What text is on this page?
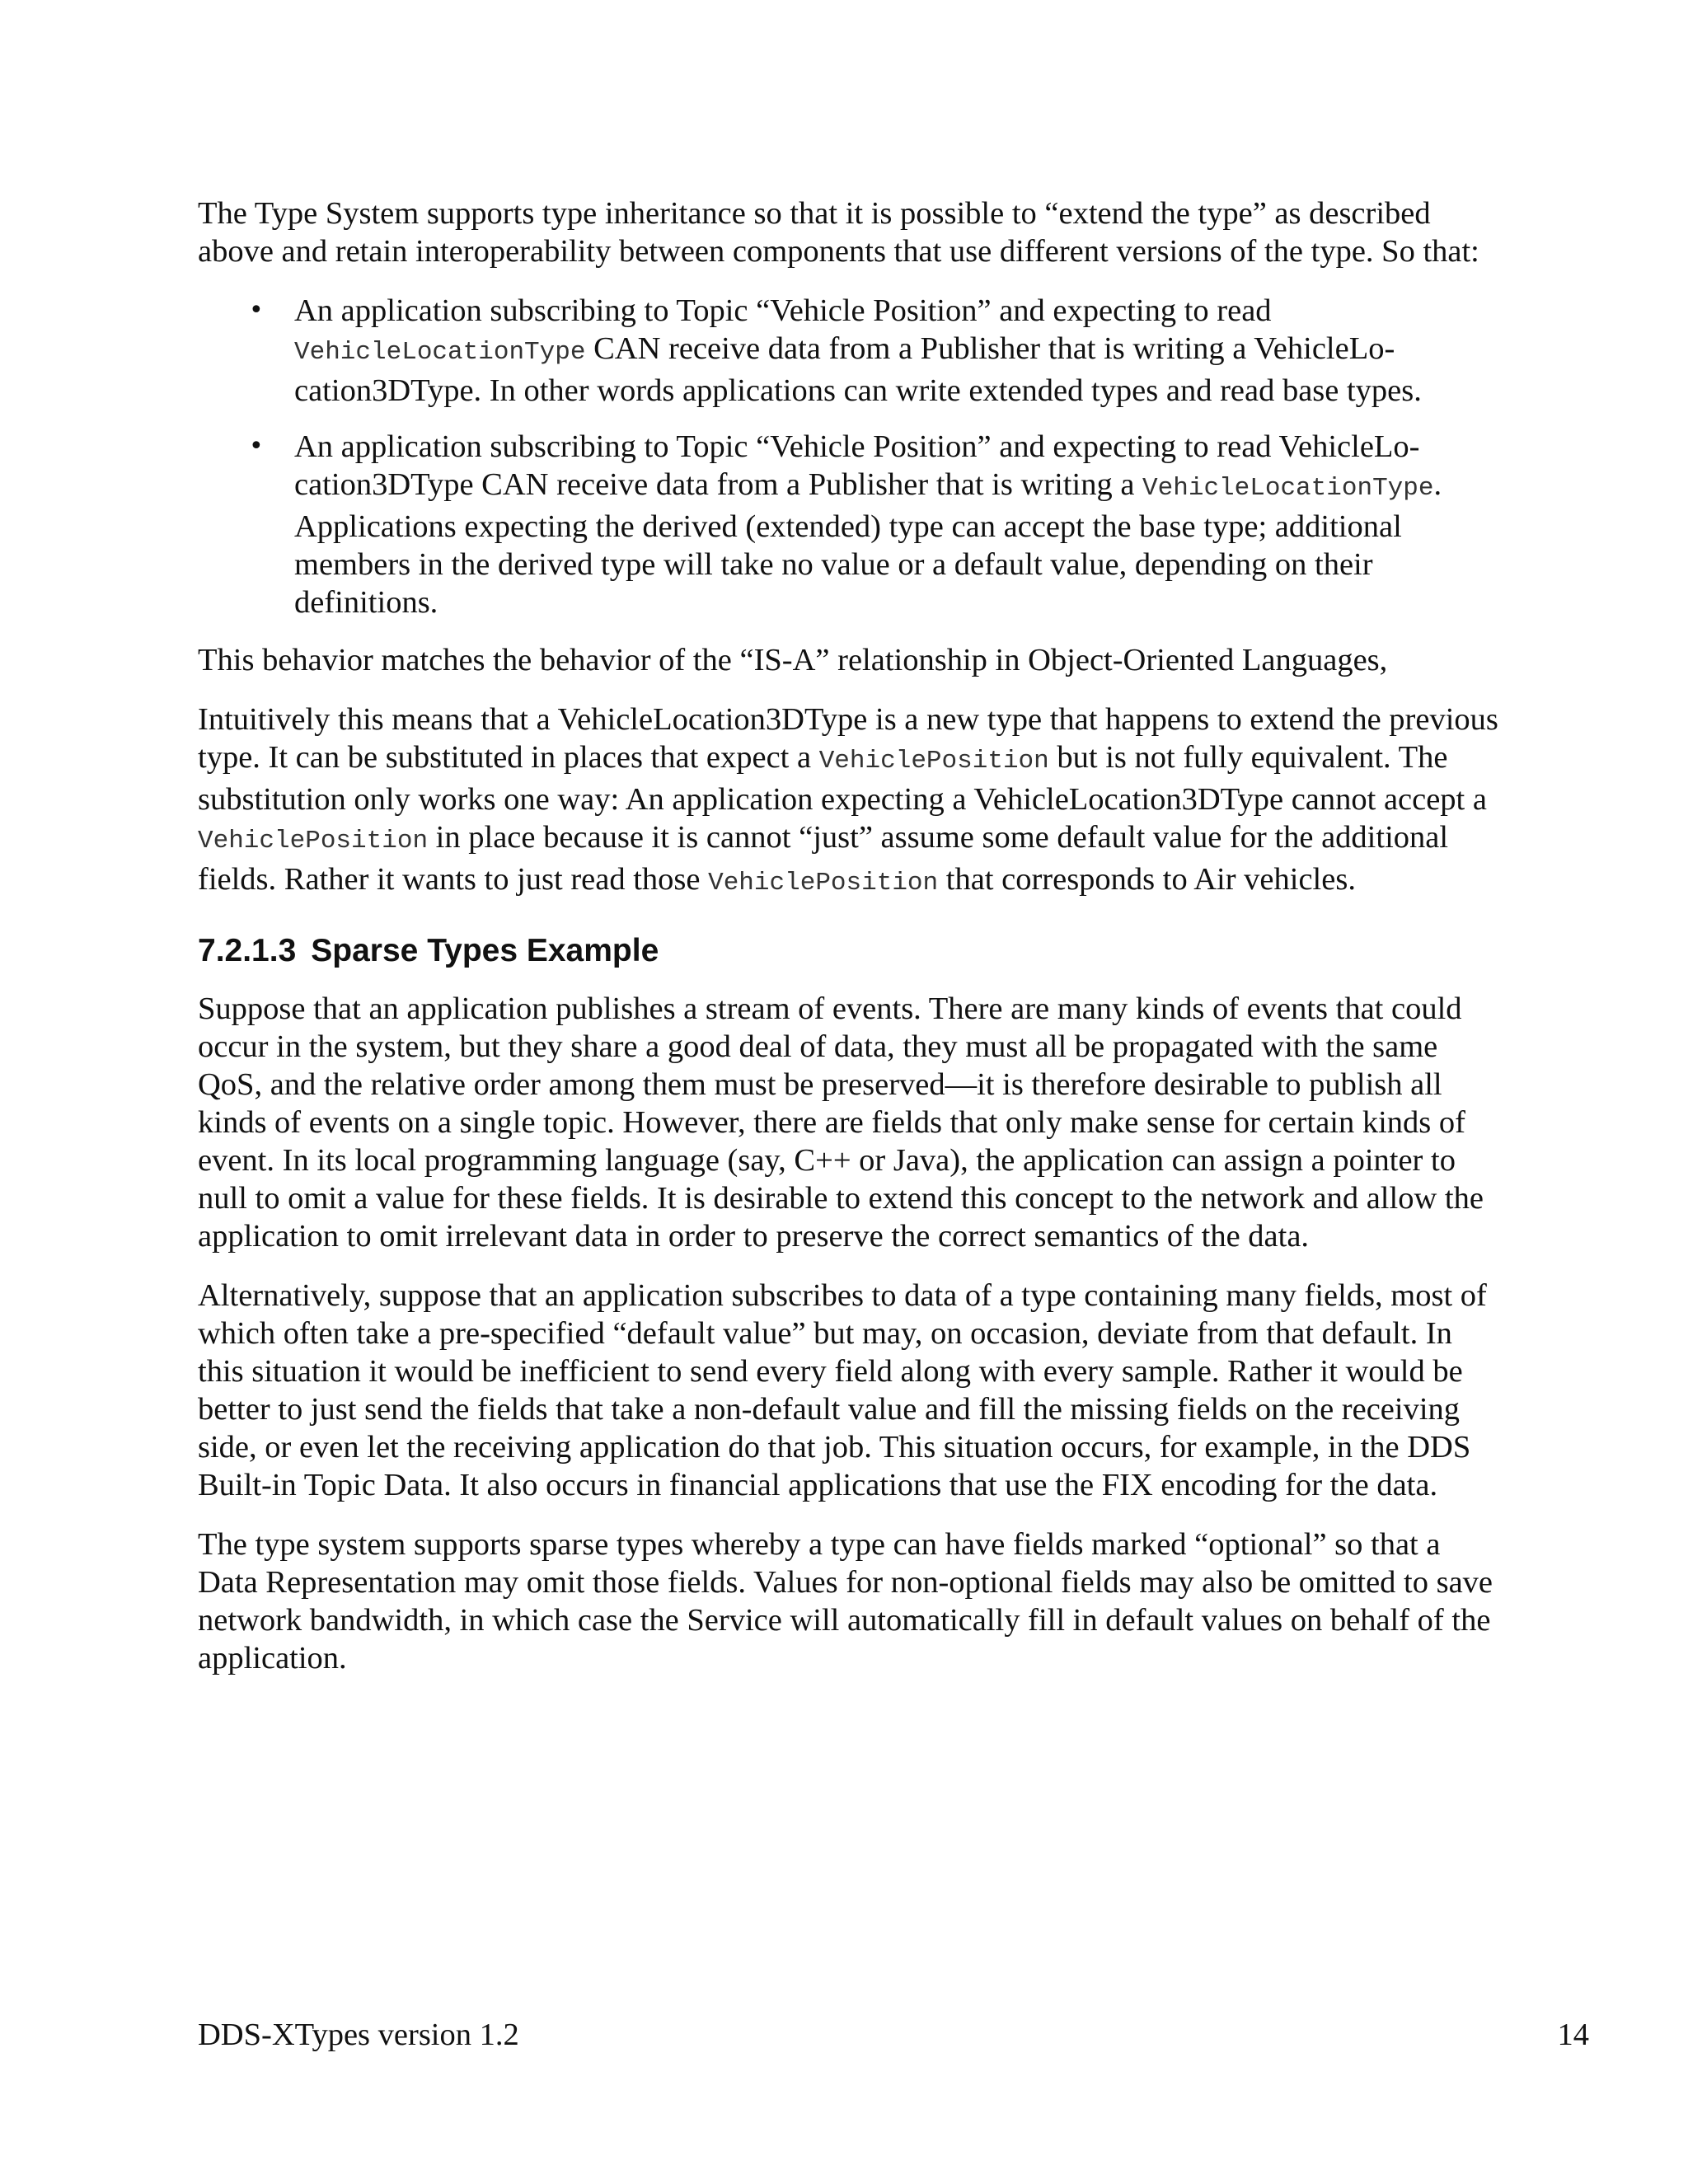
The Type System supports type inheritance so that it is possible to “extend the type” as described above and retain interoperability between components that use different versions of the type. So that:

• An application subscribing to Topic “Vehicle Position” and expecting to read VehicleLocationType CAN receive data from a Publisher that is writing a VehicleLocation3DType. In other words applications can write extended types and read base types.
• An application subscribing to Topic “Vehicle Position” and expecting to read VehicleLocation3DType CAN receive data from a Publisher that is writing a VehicleLocationType. Applications expecting the derived (extended) type can accept the base type; additional members in the derived type will take no value or a default value, depending on their definitions.

This behavior matches the behavior of the “IS-A” relationship in Object-Oriented Languages,

Intuitively this means that a VehicleLocation3DType is a new type that happens to extend the previous type. It can be substituted in places that expect a VehiclePosition but is not fully equivalent. The substitution only works one way: An application expecting a VehicleLocation3DType cannot accept a VehiclePosition in place because it is cannot “just” assume some default value for the additional fields. Rather it wants to just read those VehiclePosition that corresponds to Air vehicles.

7.2.1.3 Sparse Types Example

Suppose that an application publishes a stream of events. There are many kinds of events that could occur in the system, but they share a good deal of data, they must all be propagated with the same QoS, and the relative order among them must be preserved—it is therefore desirable to publish all kinds of events on a single topic. However, there are fields that only make sense for certain kinds of event. In its local programming language (say, C++ or Java), the application can assign a pointer to null to omit a value for these fields. It is desirable to extend this concept to the network and allow the application to omit irrelevant data in order to preserve the correct semantics of the data.

Alternatively, suppose that an application subscribes to data of a type containing many fields, most of which often take a pre-specified “default value” but may, on occasion, deviate from that default. In this situation it would be inefficient to send every field along with every sample. Rather it would be better to just send the fields that take a non-default value and fill the missing fields on the receiving side, or even let the receiving application do that job. This situation occurs, for example, in the DDS Built-in Topic Data. It also occurs in financial applications that use the FIX encoding for the data.

The type system supports sparse types whereby a type can have fields marked “optional” so that a Data Representation may omit those fields. Values for non-optional fields may also be omitted to save network bandwidth, in which case the Service will automatically fill in default values on behalf of the application.

DDS-XTypes version 1.2	14
